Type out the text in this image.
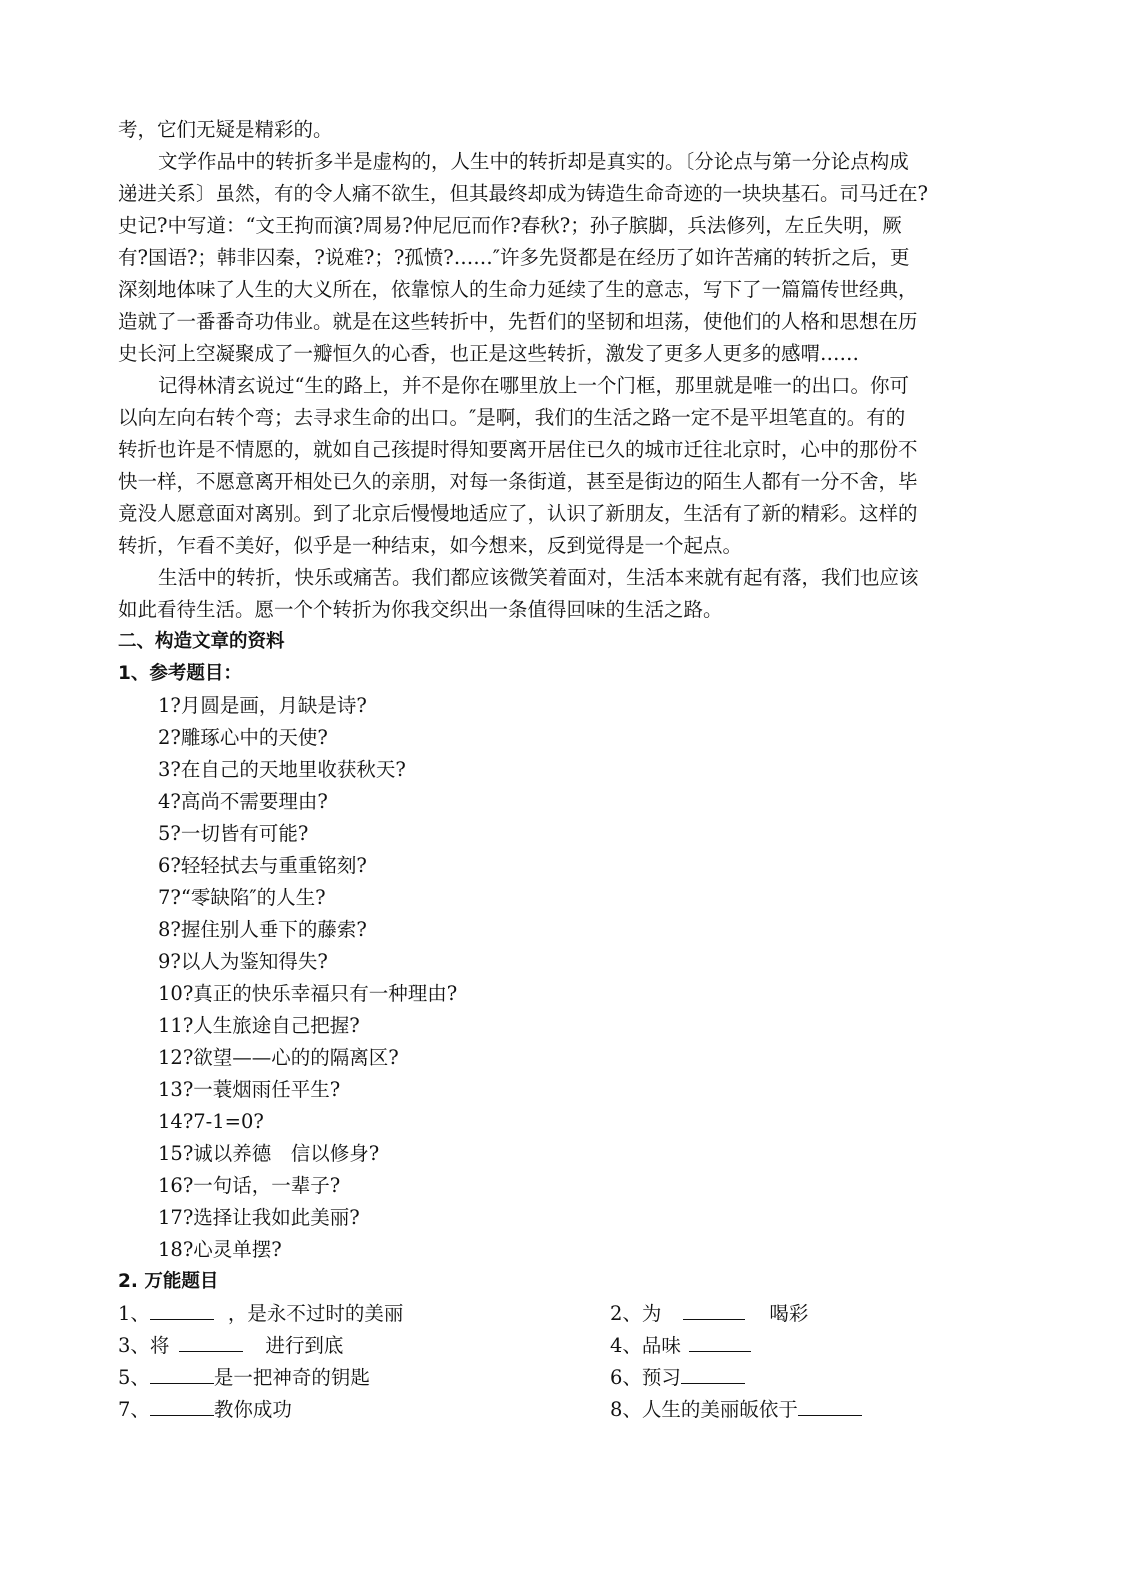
考，它们无疑是精彩的。
文学作品中的转折多半是虚构的，人生中的转折却是真实的。〔分论点与第一分论点构成
递进关系〕虽然，有的令人痛不欲生，但其最终却成为铸造生命奇迹的一块块基石。司马迁在?
史记?中写道：“文王拘而演?周易?仲尼厄而作?春秋?；孙子膑脚，兵法修列，左丘失明，厥
有?国语?；韩非囚秦，?说难?；?孤愤?……″许多先贤都是在经历了如许苦痛的转折之后，更
深刻地体味了人生的大义所在，依靠惊人的生命力延续了生的意志，写下了一篇篇传世经典，
造就了一番番奇功伟业。就是在这些转折中，先哲们的坚韧和坦荡，使他们的人格和思想在历
史长河上空凝聚成了一瓣恒久的心香，也正是这些转折，激发了更多人更多的感喟……
记得林清玄说过“生的路上，并不是你在哪里放上一个门框，那里就是唯一的出口。你可
以向左向右转个弯；去寻求生命的出口。″是啊，我们的生活之路一定不是平坦笔直的。有的
转折也许是不情愿的，就如自己孩提时得知要离开居住已久的城市迁往北京时，心中的那份不
快一样，不愿意离开相处已久的亲朋，对每一条街道，甚至是街边的陌生人都有一分不舍，毕
竟没人愿意面对离别。到了北京后慢慢地适应了，认识了新朋友，生活有了新的精彩。这样的
转折，乍看不美好，似乎是一种结束，如今想来，反到觉得是一个起点。
生活中的转折，快乐或痛苦。我们都应该微笑着面对，生活本来就有起有落，我们也应该
如此看待生活。愿一个个转折为你我交织出一条值得回味的生活之路。
二、构造文章的资料
1、参考题目：
1?月圆是画，月缺是诗?
2?雕琢心中的天使?
3?在自己的天地里收获秋天?
4?高尚不需要理由?
5?一切皆有可能?
6?轻轻拭去与重重铭刻?
7?“零缺陷″的人生?
8?握住别人垂下的藤索?
9?以人为鉴知得失?
10?真正的快乐幸福只有一种理由?
11?人生旅途自己把握?
12?欲望——心的的隔离区?
13?一蓑烟雨任平生?
14?7-1=0?
15?诚以养德　信以修身?
16?一句话，一辈子?
17?选择让我如此美丽?
18?心灵单摆?
2. 万能题目
1、	，是永不过时的美丽	2、为	喝彩
3、将	进行到底	4、品味
5、	是一把神奇的钥匙	6、预习
7、	教你成功	8、人生的美丽皈依于
